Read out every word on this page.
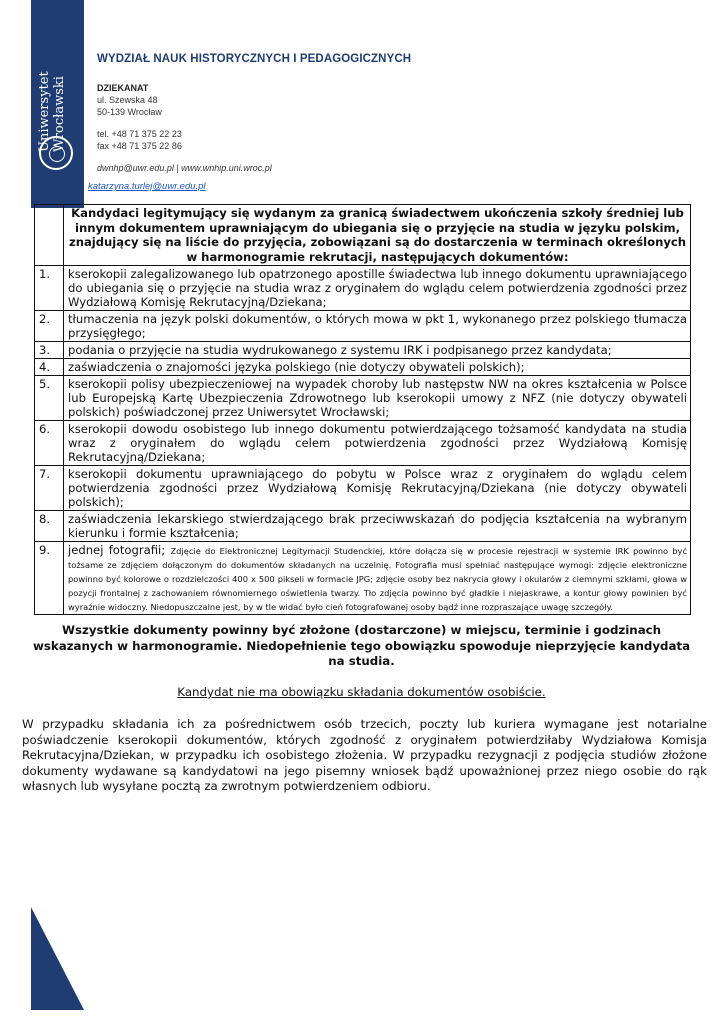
Uniwersytet Wrocławski
WYDZIAŁ NAUK HISTORYCZNYCH I PEDAGOGICZNYCH
DZIEKANAT
ul. Szewska 48
50-139 Wrocław
tel. +48 71 375 22 23
fax +48 71 375 22 86
dwnhp@uwr.edu.pl | www.wnhip.uni.wroc.pl
katarzyna.turlej@uwr.edu.pl
	Kandydaci legitymujący się wydanym za granicą świadectwem ukończenia szkoły średniej lub innym dokumentem uprawniającym do ubiegania się o przyjęcie na studia w języku polskim, znajdujący się na liście do przyjęcia, zobowiązani są do dostarczenia w terminach określonych w harmonogramie rekrutacji, następujących dokumentów:
1.	kserokopii zalegalizowanego lub opatrzonego apostille świadectwa lub innego dokumentu uprawniającego do ubiegania się o przyjęcie na studia wraz z oryginałem do wglądu celem potwierdzenia zgodności przez Wydziałową Komisję Rekrutacyjną/Dziekana;
2.	tłumaczenia na język polski dokumentów, o których mowa w pkt 1, wykonanego przez polskiego tłumacza przysięgłego;
3.	podania o przyjęcie na studia wydrukowanego z systemu IRK i podpisanego przez kandydata;
4.	zaświadczenia o znajomości języka polskiego (nie dotyczy obywateli polskich);
5.	kserokopii polisy ubezpieczeniowej na wypadek choroby lub następstw NW na okres kształcenia w Polsce lub Europejską Kartę Ubezpieczenia Zdrowotnego lub kserokopii umowy z NFZ (nie dotyczy obywateli polskich) poświadczonej przez Uniwersytet Wrocławski;
6.	kserokopii dowodu osobistego lub innego dokumentu potwierdzającego tożsamość kandydata na studia wraz z oryginałem do wglądu celem potwierdzenia zgodności przez Wydziałową Komisję Rekrutacyjną/Dziekana;
7.	kserokopii dokumentu uprawniającego do pobytu w Polsce wraz z oryginałem do wglądu celem potwierdzenia zgodności przez Wydziałową Komisję Rekrutacyjną/Dziekana (nie dotyczy obywateli polskich);
8.	zaświadczenia lekarskiego stwierdzającego brak przeciwwskazań do podjęcia kształcenia na wybranym kierunku i formie kształcenia;
9.	jednej fotografii; Zdjęcie do Elektronicznej Legitymacji Studenckiej, które dołącza się w procesie rejestracji w systemie IRK powinno być tożsame ze zdjęciem dołączonym do dokumentów składanych na uczelnię. Fotografia musi spełniać następujące wymogi: zdjęcie elektroniczne powinno być kolorowe o rozdzielczości 400 x 500 pikseli w formacie JPG; zdjęcie osoby bez nakrycia głowy i okularów z ciemnymi szkłami, głowa w pozycji frontalnej z zachowaniem równomiernego oświetlenia twarzy. Tło zdjęcia powinno być gładkie i niejaskrawe, a kontur głowy powinien być wyraźnie widoczny. Niedopuszczalne jest, by w tle widać było cień fotografowanej osoby bądź inne rozpraszające uwagę szczegóły.
Wszystkie dokumenty powinny być złożone (dostarczone) w miejscu, terminie i godzinach wskazanych w harmonogramie. Niedopełnienie tego obowiązku spowoduje nieprzyjęcie kandydata na studia.
Kandydat nie ma obowiązku składania dokumentów osobiście.
W przypadku składania ich za pośrednictwem osób trzecich, poczty lub kuriera wymagane jest notarialne poświadczenie kserokopii dokumentów, których zgodność z oryginałem potwierdziłaby Wydziałowa Komisja Rekrutacyjna/Dziekan, w przypadku ich osobistego złożenia. W przypadku rezygnacji z podjęcia studiów złożone dokumenty wydawane są kandydatowi na jego pisemny wniosek bądź upoważnionej przez niego osobie do rąk własnych lub wysyłane pocztą za zwrotnym potwierdzeniem odbioru.
